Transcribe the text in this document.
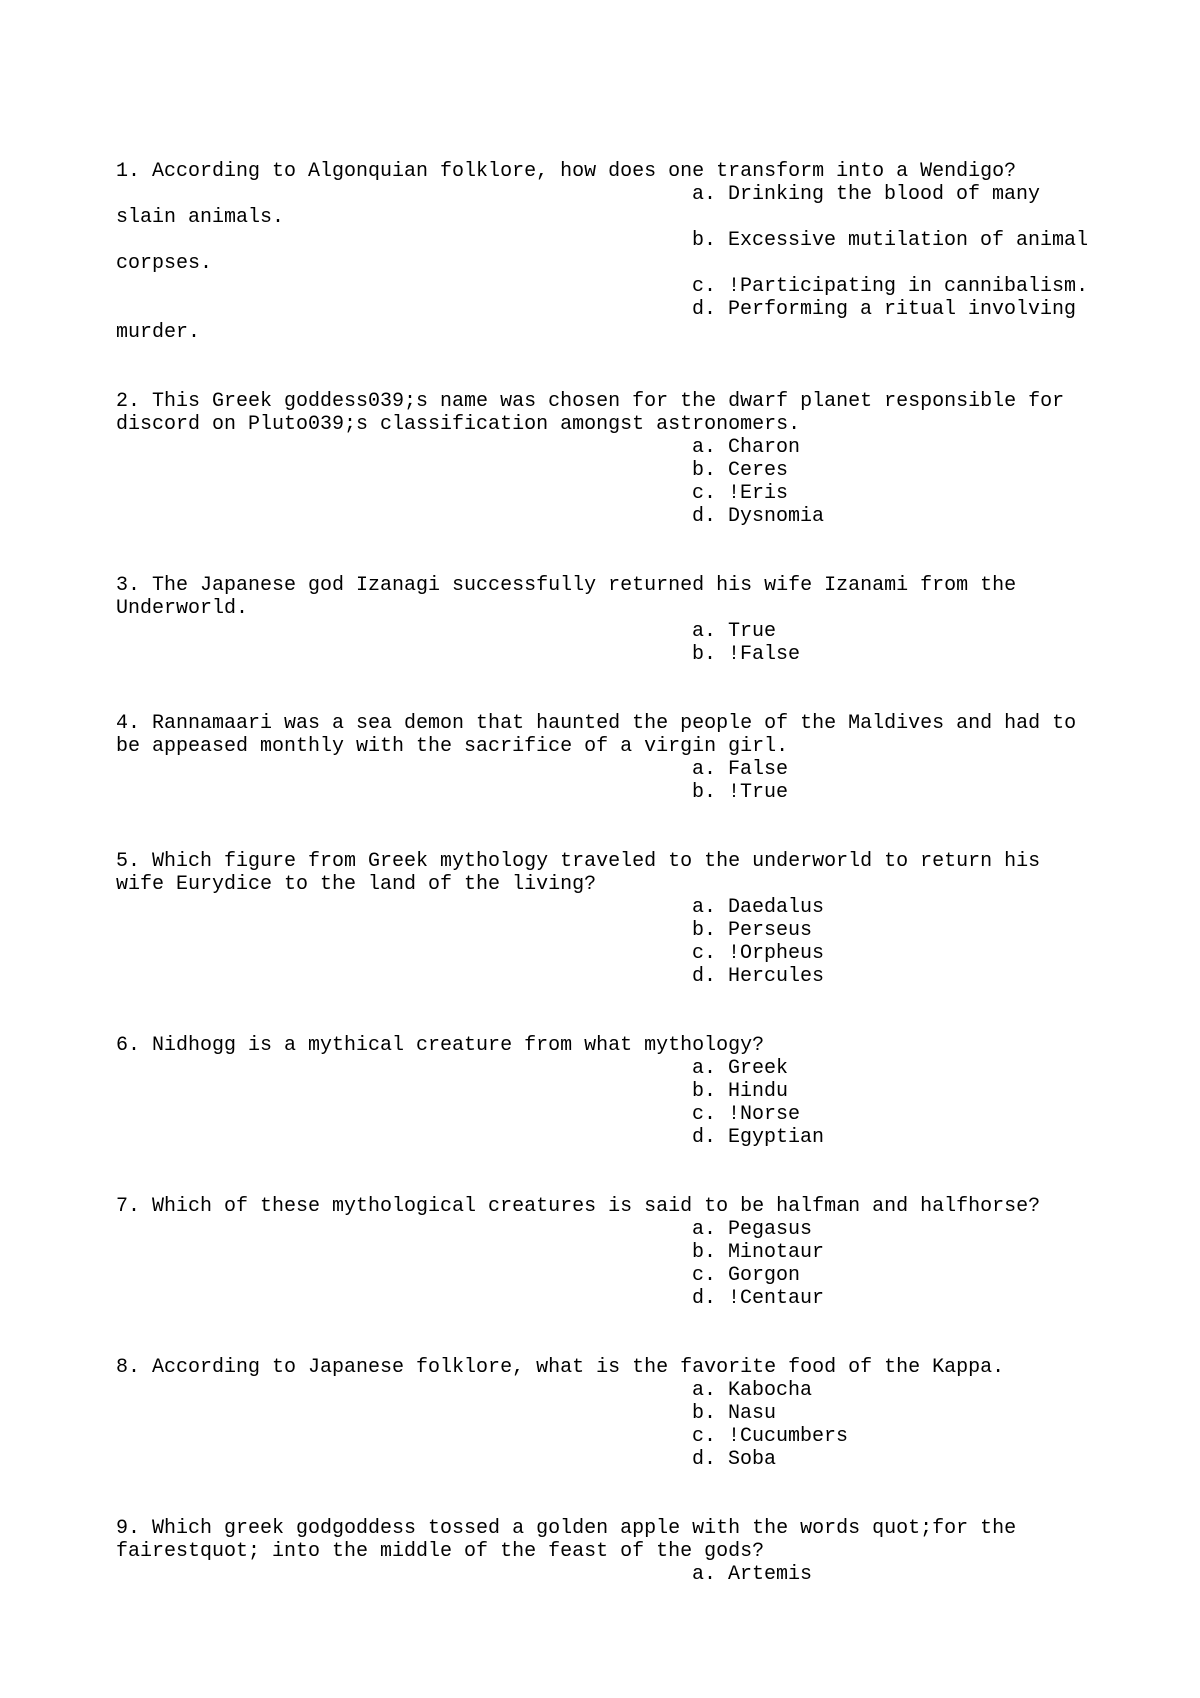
1. According to Algonquian folklore, how does one transform into a Wendigo?

a. Drinking the blood of many

slain animals.

b. Excessive mutilation of animal

corpses.

c. !Participating in cannibalism.

d. Performing a ritual involving

murder.

2. This Greek goddess039;s name was chosen for the dwarf planet responsible for

discord on Pluto039;s classification amongst astronomers.

a. Charon

b. Ceres

c. !Eris

d. Dysnomia

3. The Japanese god Izanagi successfully returned his wife Izanami from the

Underworld.

a. True

b. !False

4. Rannamaari was a sea demon that haunted the people of the Maldives and had to

be appeased monthly with the sacrifice of a virgin girl.

a. False

b. !True

5. Which figure from Greek mythology traveled to the underworld to return his

wife Eurydice to the land of the living?

a. Daedalus

b. Perseus

c. !Orpheus

d. Hercules

6. Nidhogg is a mythical creature from what mythology?

a. Greek

b. Hindu

c. !Norse

d. Egyptian

7. Which of these mythological creatures is said to be halfman and halfhorse?

a. Pegasus

b. Minotaur

c. Gorgon

d. !Centaur

8. According to Japanese folklore, what is the favorite food of the Kappa.

a. Kabocha

b. Nasu

c. !Cucumbers

d. Soba

9. Which greek godgoddess tossed a golden apple with the words quot;for the

fairestquot; into the middle of the feast of the gods?

a. Artemis
